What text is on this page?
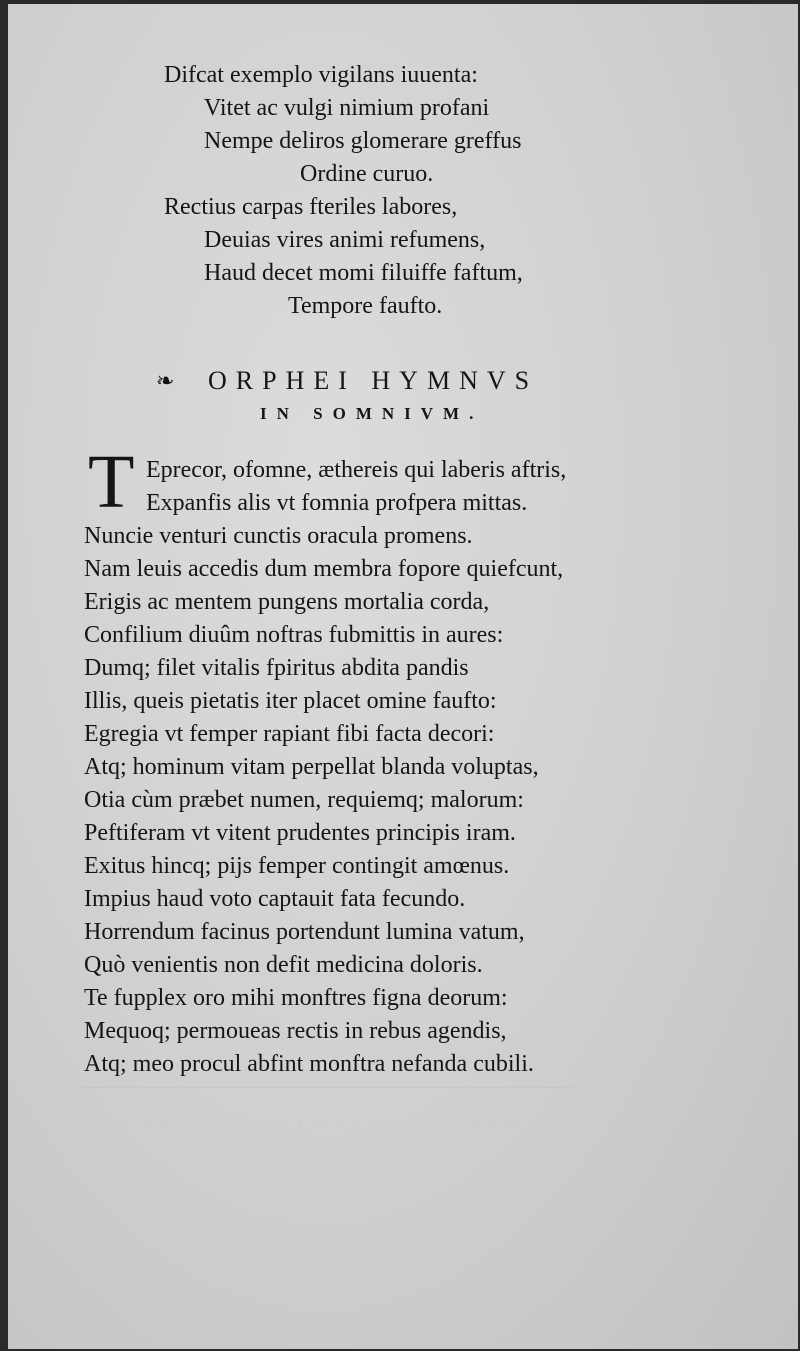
‾‾‾‾‾‾‾‾‾‾‾‾‾‾‾‾‾‾‾‾‾‾‾‾‾‾‾‾‾‾‾‾‾‾‾‾‾‾‾‾‾‾‾‾‾‾‾‾‾‾‾‾‾‾‾‾‾‾‾‾‾‾‾‾‾
· · · · · · · · · · · · · · · · · · · · · · · · · · · · · · · · · · · ·
Difcat exemplo vigilans iuuenta:
Vitet ac vulgi nimium profani
Nempe deliros glomerare greffus
Ordine curuo.
Rectius carpas fteriles labores,
Deuias vires animi refumens,
Haud decet momi filuiffe faftum,
Tempore faufto.
❧ ORPHEI HYMNVS
IN SOMNIVM.
T Eprecor, ofomne, æthereis qui laberis aftris,
Expanfis alis vt fomnia profpera mittas.
Nuncie venturi cunctis oracula promens.
Nam leuis accedis dum membra fopore quiefcunt,
Erigis ac mentem pungens mortalia corda,
Confilium diuûm noftras fubmittis in aures:
Dumq; filet vitalis fpiritus abdita pandis
Illis, queis pietatis iter placet omine faufto:
Egregia vt femper rapiant fibi facta decori:
Atq; hominum vitam perpellat blanda voluptas,
Otia cùm præbet numen, requiemq; malorum:
Peftiferam vt vitent prudentes principis iram.
Exitus hincq; pijs femper contingit amœnus.
Impius haud voto captauit fata fecundo.
Horrendum facinus portendunt lumina vatum,
Quò venientis non defit medicina doloris.
Te fupplex oro mihi monftres figna deorum:
Mequoq; permoueas rectis in rebus agendis,
Atq; meo procul abfint monftra nefanda cubili.
